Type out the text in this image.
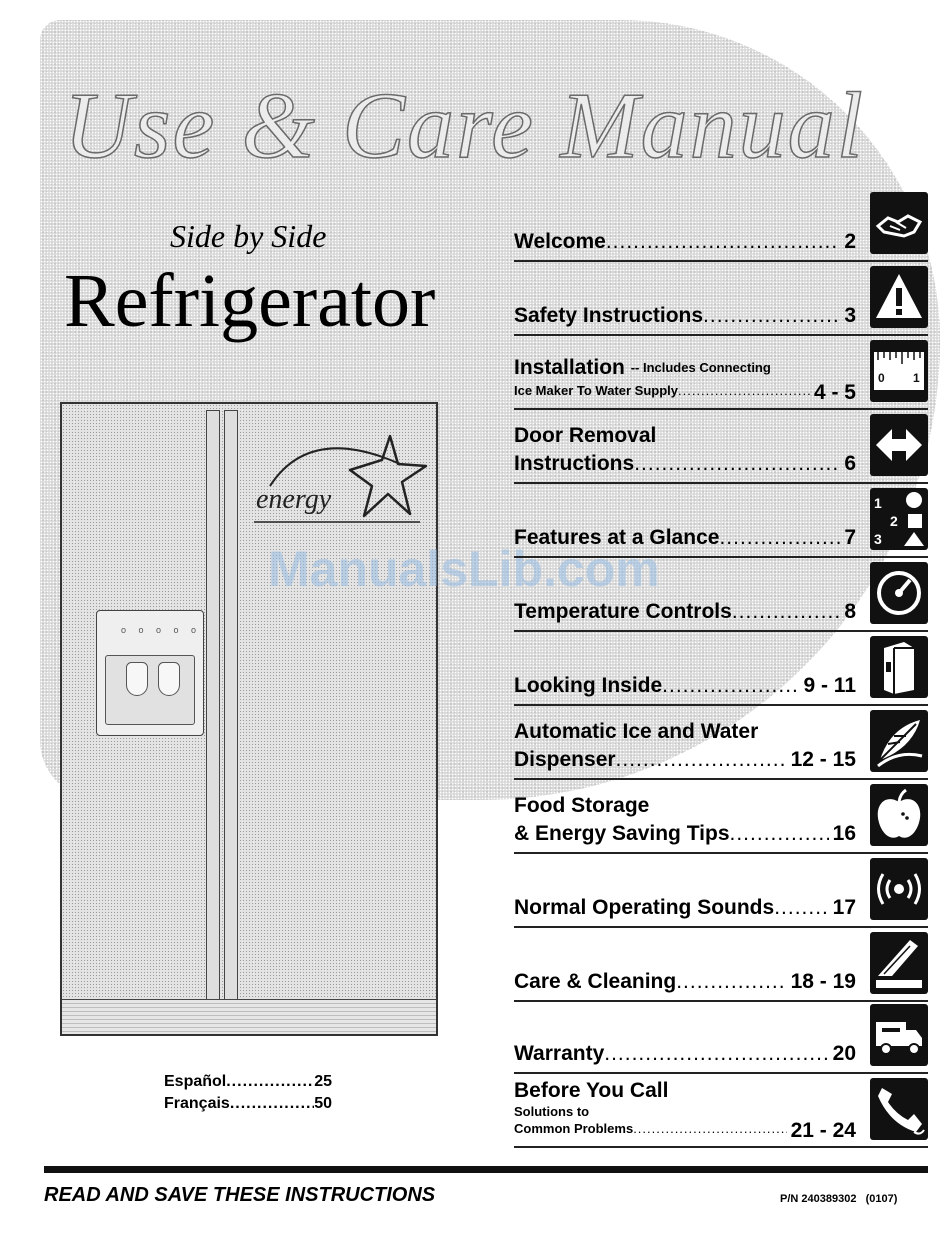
Use & Care Manual
Side by Side
Refrigerator
o o o o o
energy
ManualsLib.com
Español .....	25
Français .....	50
Welcome .....	2
Safety Instructions .....	3
Installation
-- Includes Connecting
Ice Maker To Water Supply .....	4 - 5
0 1
Door Removal
Instructions .....	6
Features at a Glance .....	7
1
2
3
Temperature Controls .....	8
Looking Inside .....	9 - 11
Automatic Ice and Water
Dispenser .....	12 - 15
Food Storage
& Energy Saving Tips .....	16
Normal Operating Sounds .....	17
Care & Cleaning .....	18 - 19
Warranty .....	20
Before You Call
Solutions to
Common Problems .....	21 - 24
READ AND SAVE THESE INSTRUCTIONS	P/N 240389302   (0107)
